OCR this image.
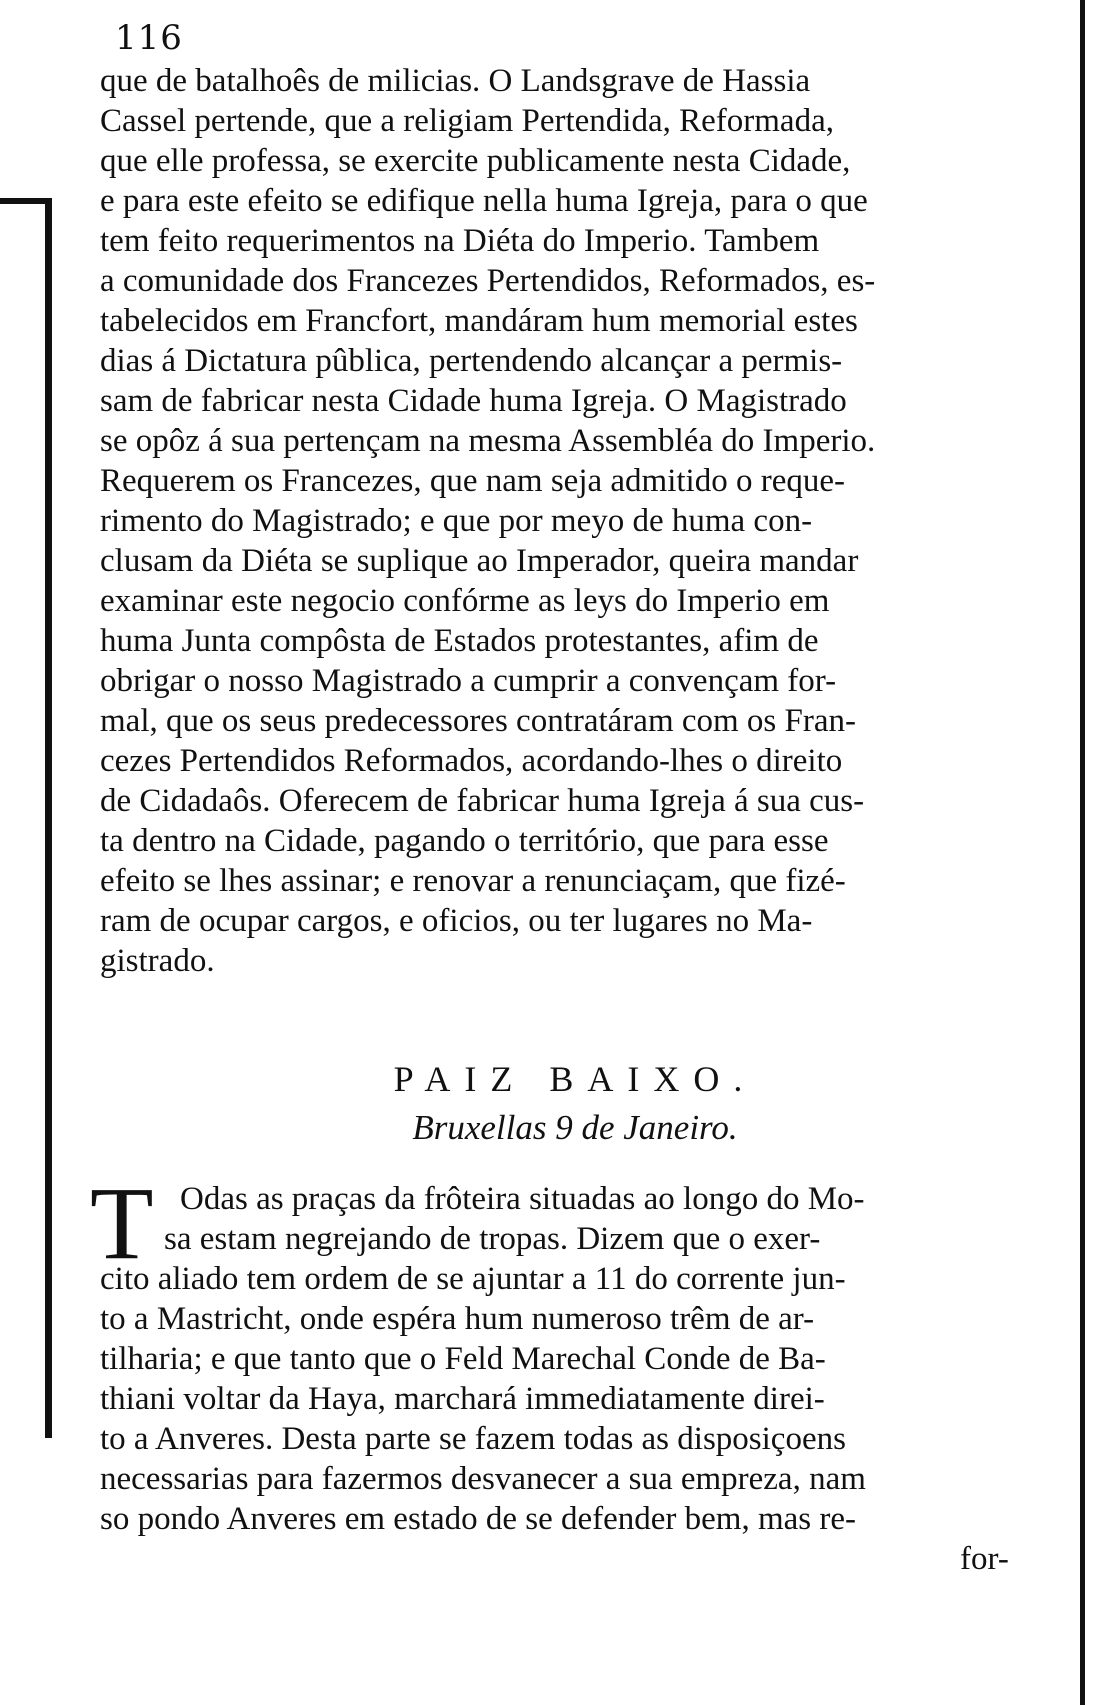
116
que de batalhoês de milicias. O Landsgrave de Hassia
Cassel pertende, que a religiam Pertendida, Reformada,
que elle professa, se exercite publicamente nesta Cidade,
e para este efeito se edifique nella huma Igreja, para o que
tem feito requerimentos na Diéta do Imperio. Tambem
a comunidade dos Francezes Pertendidos, Reformados, es-
tabelecidos em Francfort, mandáram hum memorial estes
dias á Dictatura pûblica, pertendendo alcançar a permis-
sam de fabricar nesta Cidade huma Igreja. O Magistrado
se opôz á sua pertençam na mesma Assembléa do Imperio.
Requerem os Francezes, que nam seja admitido o reque-
rimento do Magistrado; e que por meyo de huma con-
clusam da Diéta se suplique ao Imperador, queira mandar
examinar este negocio confórme as leys do Imperio em
huma Junta compôsta de Estados protestantes, afim de
obrigar o nosso Magistrado a cumprir a convençam for-
mal, que os seus predecessores contratáram com os Fran-
cezes Pertendidos Reformados, acordando-lhes o direito
de Cidadaôs. Oferecem de fabricar huma Igreja á sua cus-
ta dentro na Cidade, pagando o território, que para esse
efeito se lhes assinar; e renovar a renunciaçam, que fizé-
ram de ocupar cargos, e oficios, ou ter lugares no Ma-
gistrado.
PAIZ BAIXO.
Bruxellas 9 de Janeiro.
T Odas as praças da frôteira situadas ao longo do Mo-
sa estam negrejando de tropas. Dizem que o exer-
cito aliado tem ordem de se ajuntar a 11 do corrente jun-
to a Mastricht, onde espéra hum numeroso trêm de ar-
tilharia; e que tanto que o Feld Marechal Conde de Ba-
thiani voltar da Haya, marchará immediatamente direi-
to a Anveres. Desta parte se fazem todas as disposiçoens
necessarias para fazermos desvanecer a sua empreza, nam
so pondo Anveres em estado de se defender bem, mas re-
for-
